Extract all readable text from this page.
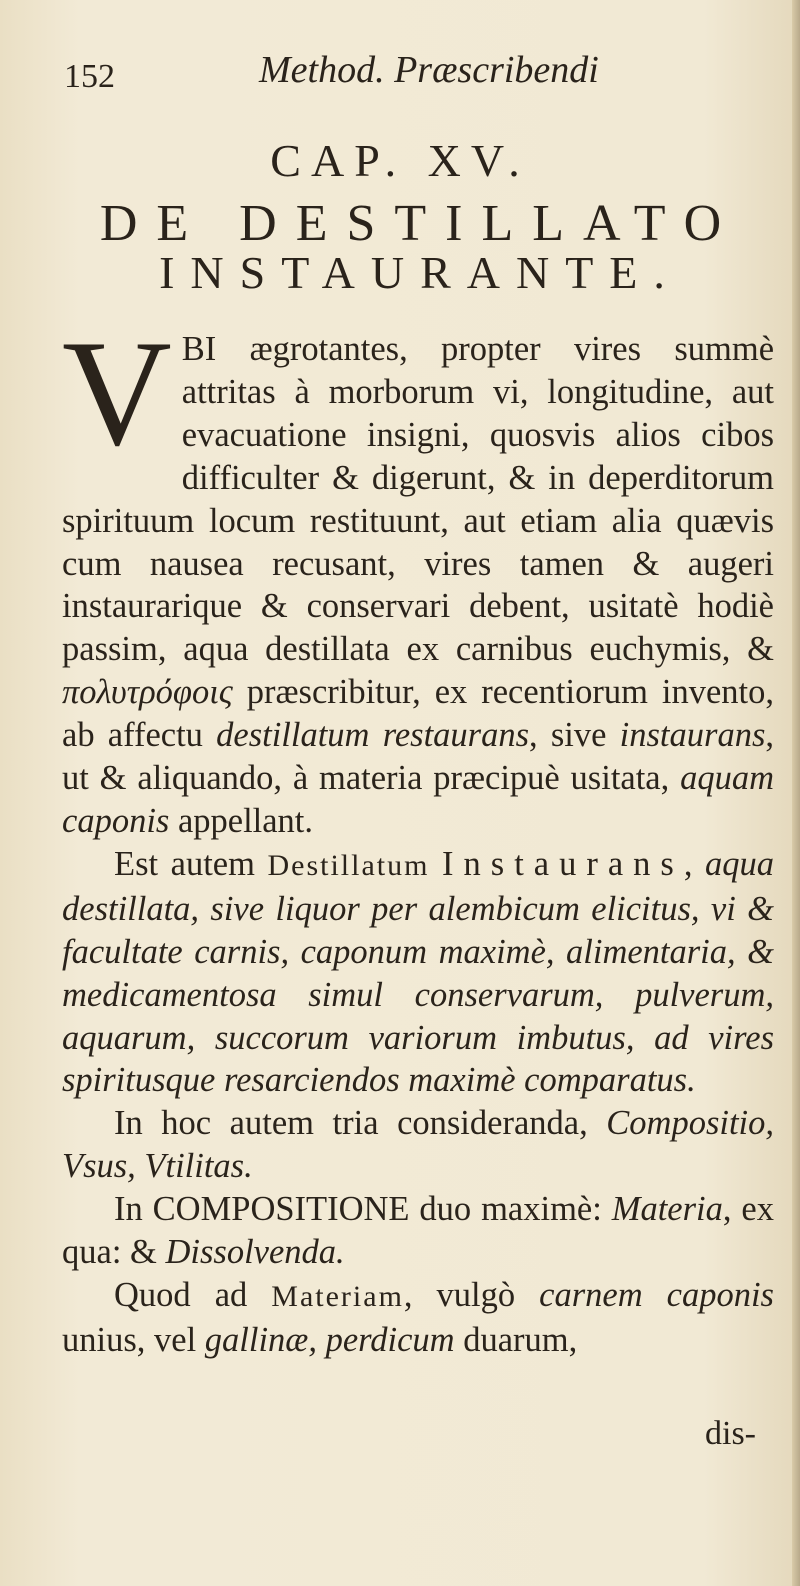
152	Method. Præscribendi
CAP. XV.
DE DESTILLATO
INSTAURANTE.

VBI ægrotantes, propter vires summè attritas à morborum vi, longitudine, aut evacuatione insigni, quosvis alios cibos difficulter & digerunt, & in deperditorum spirituum locum restituunt, aut etiam alia quævis cum nausea recusant, vires tamen & augeri instaurarique & conservari debent, usitatè hodiè passim, aqua destillata ex carnibus euchymis, & πολυτρόφοις præscribitur, ex recentiorum invento, ab affectu destillatum restaurans, sive instaurans, ut & aliquando, à materia præcipuè usitata, aquam caponis appellant.

Est autem Destillatum Instaurans, aqua destillata, sive liquor per alembicum elicitus, vi & facultate carnis, caponum maximè, alimentaria, & medicamentosa simul conservarum, pulverum, aquarum, succorum variorum imbutus, ad vires spiritusque resarciendos maximè comparatus.

In hoc autem tria consideranda, Compositio, Vsus, Vtilitas.

In COMPOSITIONE duo maximè: Materia, ex qua: & Dissolvenda.

Quod ad Materiam, vulgò carnem caponis unius, vel gallinæ, perdicum duarum,

dis-
